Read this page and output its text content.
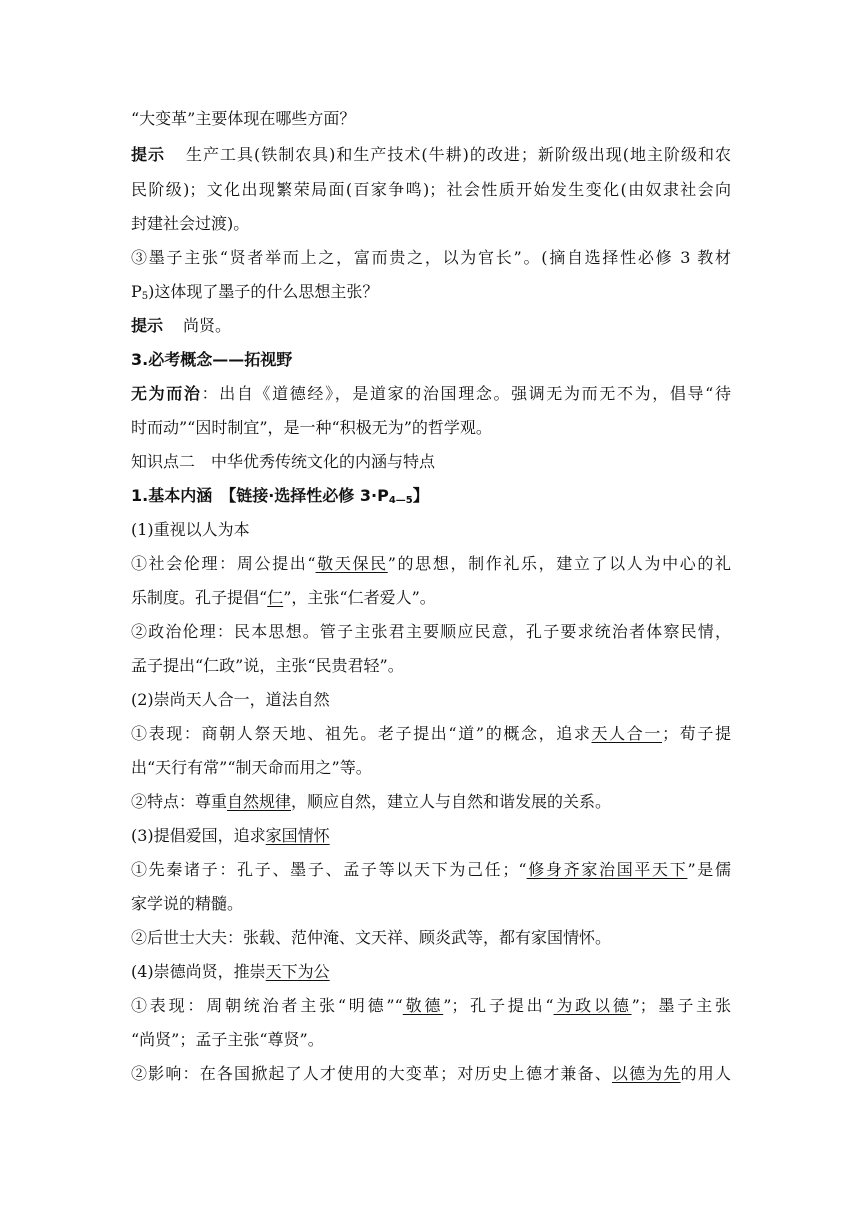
“大变革”主要体现在哪些方面？
提示 生产工具(铁制农具)和生产技术(牛耕)的改进；新阶级出现(地主阶级和农
民阶级)；文化出现繁荣局面(百家争鸣)；社会性质开始发生变化(由奴隶社会向
封建社会过渡)。
③墨子主张“贤者举而上之，富而贵之，以为官长”。(摘自选择性必修 3 教材
$P_5$)这体现了墨子的什么思想主张？
提示 尚贤。
3.必考概念——拓视野
无为而治：出自《道德经》，是道家的治国理念。强调无为而无不为，倡导“待
时而动”“因时制宜”，是一种“积极无为”的哲学观。
知识点二　中华优秀传统文化的内涵与特点
1.基本内涵　【链接·选择性必修 $3\cdot P_{4—5}$】
(1)重视以人为本
①社会伦理：周公提出“敬天保民”的思想，制作礼乐，建立了以人为中心的礼
乐制度。孔子提倡“仁”，主张“仁者爱人”。
②政治伦理：民本思想。管子主张君主要顺应民意，孔子要求统治者体察民情，
孟子提出“仁政”说，主张“民贵君轻”。
(2)崇尚天人合一，道法自然
①表现：商朝人祭天地、祖先。老子提出“道”的概念，追求天人合一；荀子提
出“天行有常”“制天命而用之”等。
②特点：尊重自然规律，顺应自然，建立人与自然和谐发展的关系。
(3)提倡爱国，追求家国情怀
①先秦诸子：孔子、墨子、孟子等以天下为己任；“修身齐家治国平天下”是儒
家学说的精髓。
②后世士大夫：张载、范仲淹、文天祥、顾炎武等，都有家国情怀。
(4)崇德尚贤，推崇天下为公
①表现：周朝统治者主张“明德”“敬德”；孔子提出“为政以德”；墨子主张
“尚贤”；孟子主张“尊贤”。
②影响：在各国掀起了人才使用的大变革；对历史上德才兼备、以德为先的用人
